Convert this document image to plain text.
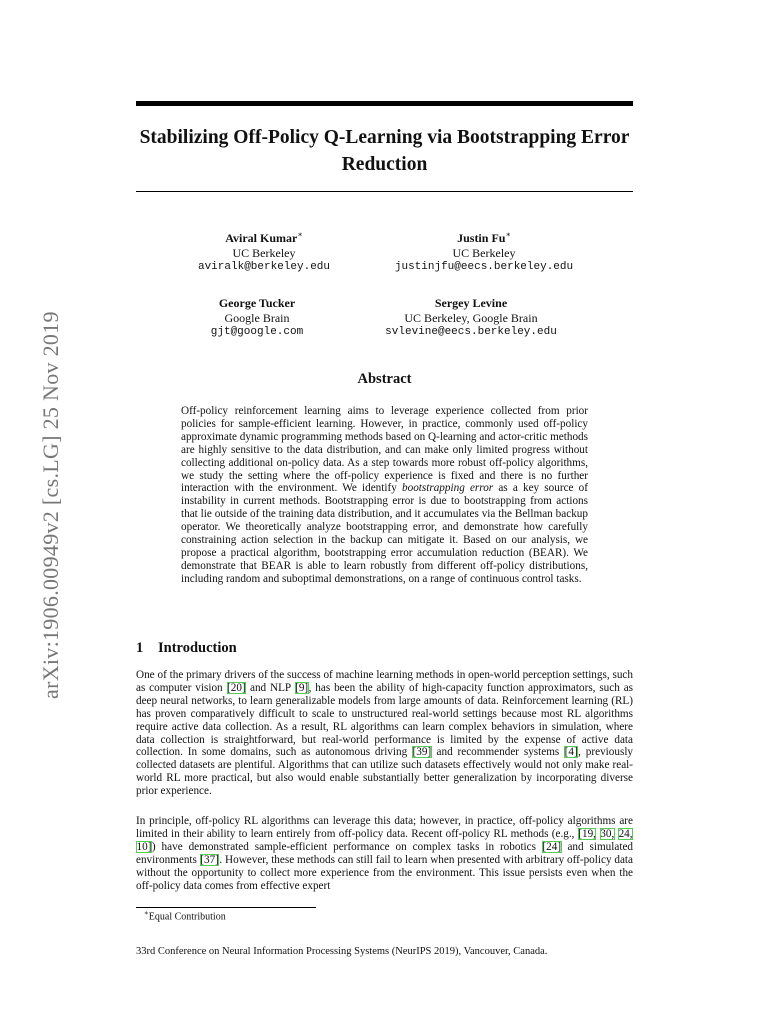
arXiv:1906.00949v2 [cs.LG] 25 Nov 2019
Stabilizing Off-Policy Q-Learning via Bootstrapping Error Reduction
Aviral Kumar∗
UC Berkeley
aviralk@berkeley.edu
Justin Fu∗
UC Berkeley
justinjfu@eecs.berkeley.edu
George Tucker
Google Brain
gjt@google.com
Sergey Levine
UC Berkeley, Google Brain
svlevine@eecs.berkeley.edu
Abstract
Off-policy reinforcement learning aims to leverage experience collected from prior policies for sample-efficient learning. However, in practice, commonly used off-policy approximate dynamic programming methods based on Q-learning and actor-critic methods are highly sensitive to the data distribution, and can make only limited progress without collecting additional on-policy data. As a step towards more robust off-policy algorithms, we study the setting where the off-policy experience is fixed and there is no further interaction with the environment. We identify bootstrapping error as a key source of instability in current methods. Bootstrapping error is due to bootstrapping from actions that lie outside of the training data distribution, and it accumulates via the Bellman backup operator. We theoretically analyze bootstrapping error, and demonstrate how carefully constraining action selection in the backup can mitigate it. Based on our analysis, we propose a practical algorithm, bootstrapping error accumulation reduction (BEAR). We demonstrate that BEAR is able to learn robustly from different off-policy distributions, including random and suboptimal demonstrations, on a range of continuous control tasks.
1 Introduction
One of the primary drivers of the success of machine learning methods in open-world perception settings, such as computer vision [20] and NLP [9], has been the ability of high-capacity function approximators, such as deep neural networks, to learn generalizable models from large amounts of data. Reinforcement learning (RL) has proven comparatively difficult to scale to unstructured real-world settings because most RL algorithms require active data collection. As a result, RL algorithms can learn complex behaviors in simulation, where data collection is straightforward, but real-world performance is limited by the expense of active data collection. In some domains, such as autonomous driving [39] and recommender systems [4], previously collected datasets are plentiful. Algorithms that can utilize such datasets effectively would not only make real-world RL more practical, but also would enable substantially better generalization by incorporating diverse prior experience.
In principle, off-policy RL algorithms can leverage this data; however, in practice, off-policy algorithms are limited in their ability to learn entirely from off-policy data. Recent off-policy RL methods (e.g., [19, 30, 24, 10]) have demonstrated sample-efficient performance on complex tasks in robotics [24] and simulated environments [37]. However, these methods can still fail to learn when presented with arbitrary off-policy data without the opportunity to collect more experience from the environment. This issue persists even when the off-policy data comes from effective expert
∗Equal Contribution
33rd Conference on Neural Information Processing Systems (NeurIPS 2019), Vancouver, Canada.
